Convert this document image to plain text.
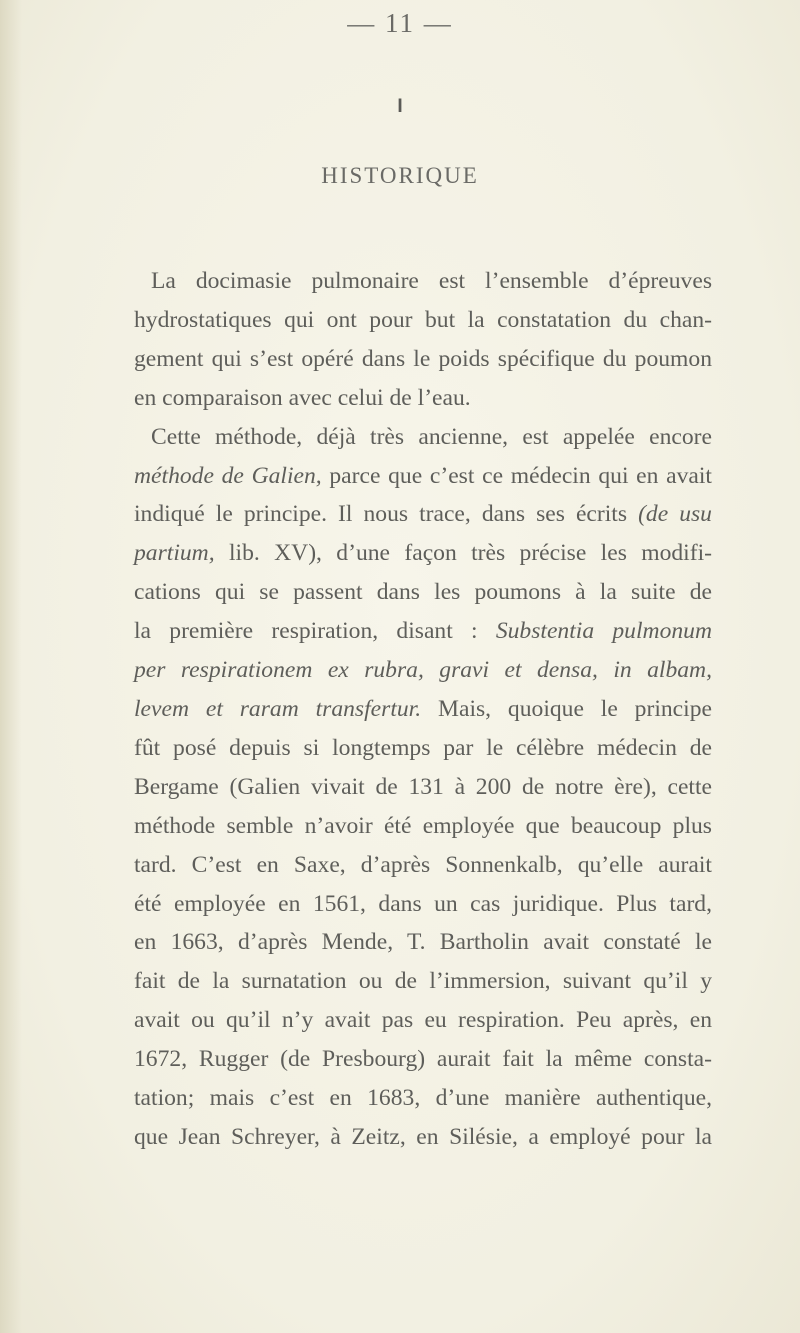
— 11 —
I
HISTORIQUE
La docimasie pulmonaire est l’ensemble d’épreuves
hydrostatiques qui ont pour but la constatation du chan-
gement qui s’est opéré dans le poids spécifique du poumon
en comparaison avec celui de l’eau.
Cette méthode, déjà très ancienne, est appelée encore
méthode de Galien, parce que c’est ce médecin qui en avait
indiqué le principe. Il nous trace, dans ses écrits (de usu
partium, lib. XV), d’une façon très précise les modifi-
cations qui se passent dans les poumons à la suite de
la première respiration, disant : Substentia pulmonum
per respirationem ex rubra, gravi et densa, in albam,
levem et raram transfertur. Mais, quoique le principe
fût posé depuis si longtemps par le célèbre médecin de
Bergame (Galien vivait de 131 à 200 de notre ère), cette
méthode semble n’avoir été employée que beaucoup plus
tard. C’est en Saxe, d’après Sonnenkalb, qu’elle aurait
été employée en 1561, dans un cas juridique. Plus tard,
en 1663, d’après Mende, T. Bartholin avait constaté le
fait de la surnatation ou de l’immersion, suivant qu’il y
avait ou qu’il n’y avait pas eu respiration. Peu après, en
1672, Rugger (de Presbourg) aurait fait la même consta-
tation; mais c’est en 1683, d’une manière authentique,
que Jean Schreyer, à Zeitz, en Silésie, a employé pour la
